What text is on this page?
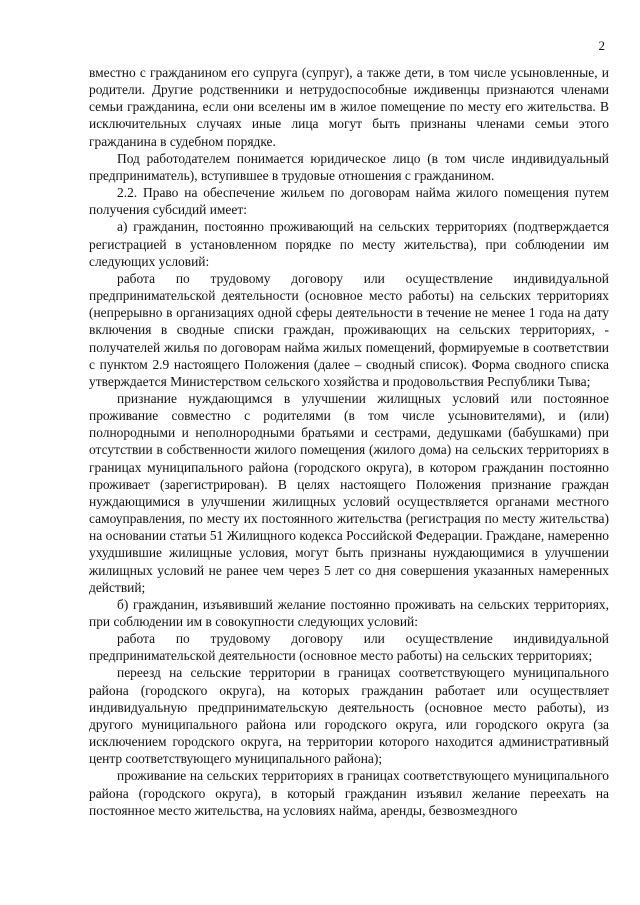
2

вместно с гражданином его супруга (супруг), а также дети, в том числе усыновленные, и родители. Другие родственники и нетрудоспособные иждивенцы признаются членами семьи гражданина, если они вселены им в жилое помещение по месту его жительства. В исключительных случаях иные лица могут быть признаны членами семьи этого гражданина в судебном порядке.

Под работодателем понимается юридическое лицо (в том числе индивидуальный предприниматель), вступившее в трудовые отношения с гражданином.

2.2. Право на обеспечение жильем по договорам найма жилого помещения путем получения субсидий имеет:

а) гражданин, постоянно проживающий на сельских территориях (подтверждается регистрацией в установленном порядке по месту жительства), при соблюдении им следующих условий:

работа по трудовому договору или осуществление индивидуальной предпринимательской деятельности (основное место работы) на сельских территориях (непрерывно в организациях одной сферы деятельности в течение не менее 1 года на дату включения в сводные списки граждан, проживающих на сельских территориях, - получателей жилья по договорам найма жилых помещений, формируемые в соответствии с пунктом 2.9 настоящего Положения (далее – сводный список). Форма сводного списка утверждается Министерством сельского хозяйства и продовольствия Республики Тыва;

признание нуждающимся в улучшении жилищных условий или постоянное проживание совместно с родителями (в том числе усыновителями), и (или) полнородными и неполнородными братьями и сестрами, дедушками (бабушками) при отсутствии в собственности жилого помещения (жилого дома) на сельских территориях в границах муниципального района (городского округа), в котором гражданин постоянно проживает (зарегистрирован). В целях настоящего Положения признание граждан нуждающимися в улучшении жилищных условий осуществляется органами местного самоуправления, по месту их постоянного жительства (регистрация по месту жительства) на основании статьи 51 Жилищного кодекса Российской Федерации. Граждане, намеренно ухудшившие жилищные условия, могут быть признаны нуждающимися в улучшении жилищных условий не ранее чем через 5 лет со дня совершения указанных намеренных действий;

б) гражданин, изъявивший желание постоянно проживать на сельских территориях, при соблюдении им в совокупности следующих условий:

работа по трудовому договору или осуществление индивидуальной предпринимательской деятельности (основное место работы) на сельских территориях;

переезд на сельские территории в границах соответствующего муниципального района (городского округа), на которых гражданин работает или осуществляет индивидуальную предпринимательскую деятельность (основное место работы), из другого муниципального района или городского округа, или городского округа (за исключением городского округа, на территории которого находится административный центр соответствующего муниципального района);

проживание на сельских территориях в границах соответствующего муниципального района (городского округа), в который гражданин изъявил желание переехать на постоянное место жительства, на условиях найма, аренды, безвозмездного
